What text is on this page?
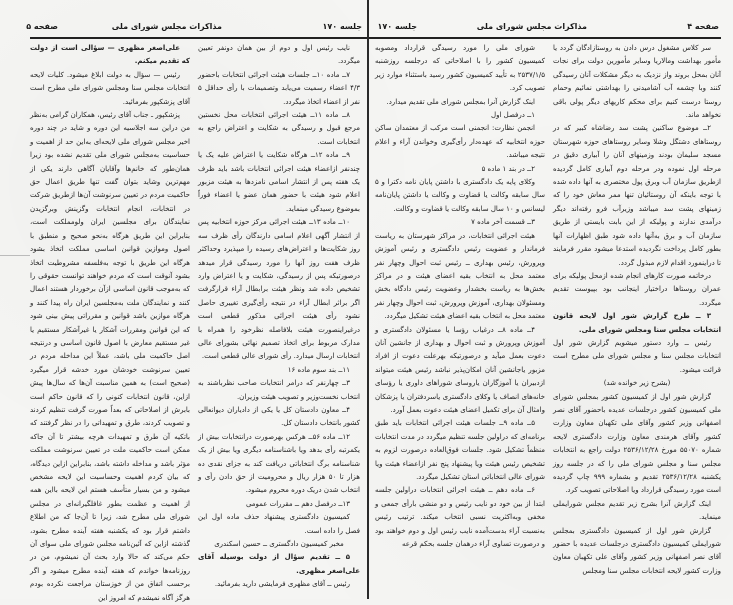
صفحه ۵	مذاکرات مجلس شورای ملی	جلسه ۱۷۰

علی‌اصغر مظهری — سؤالی است از دولت که تقدیم میکنم.

رئیس — سؤال به دولت ابلاغ میشود. کلیات لایحه انتخابات مجلس سنا ومجلس شورای ملی مطرح است آقای پزشکپور بفرمائید.

پزشکپور ـ جناب آقای رئیس، همکاران گرامی به‌نظر من دراین سه اجلاسیه این دوره و شاید در چند دوره اخیر مجلس شورای ملی لایحه‌ای به‌این حد از اهمیت و حساسیت به‌مجلس شورای ملی تقدیم نشده بود زیرا همان‌طور که خانم‌ها وآقایان آگاهی دارند یکی از مهم‌ترین وشاید بتوان گفت تنها طریق اعمال حق حاکمیت مردم در تعیین سرنوشت آن‌ها ازطریق شرکت در انتخابات، انجام انتخابات وگزینش وبرگزیدن نمایندگان برای مجلسین ایران ولومملکت است، بنابراین این طریق هرگاه به‌نحو صحیح و منطبق با اصول وموازین قوانین اساسی مملکت اتخاذ بشود هرگاه این طریق با توجه به‌فلسفه مشروطیت اتخاذ بشود آنوقت است که مردم خواهند توانست حقوقی را که به‌موجب قانون اساسی ازآن برخوردار هستند اعمال کنند و نمایندگان ملت به‌مجلسین ایران راه پیدا کنند و هرگاه موازین باشد قوانین و مقرراتی پیش بینی شود که این قوانین ومقررات آشکار یا غیرآشکار مستقیم یا غیر مستقیم معارض با اصول قانون اساسی و درنتیجه اصل حاکمیت ملی باشد، عملاً این مداخله مردم در تعیین سرنوشت خودشان مورد خدشه قرار میگیرد (صحیح است) به همین مناسبت آن‌ها که سال‌ها پیش ازاین، قانون انتخابات کنونی را که قانون حاکم است بابرش از اصلاحاتی که بعداً صورت گرفت تنظیم کردند و تصویب کردند، طرق و تمهیداتی را در نظر گرفتند که باتکیه آن طرق و تمهیدات هرچه بیشتر تا آن جاکه ممکن است حاکمیت ملت در تعیین سرنوشت مملکت مؤثر باشد و مداخله داشته باشد، بنابراین ازاین دیدگاه، که بیان کردم اهمیت وحساسیت این لایحه مشخص میشود و من بسیار متأسف هستم این لایحه بااین همه از اهمیت و عظمت بطور غافلگیرانه‌ای در مجلس شورای ملی مطرح شد، زیرا تا آن‌جا که من اطلاع داشتم قرار بود که یکشنبه هفته آینده مطرح بشود، گذشته ازاین که آئین‌نامه مجلس شورای ملی سوای آن حکم می‌کند که حالا وارد بحث آن نمیشوم، من در روزنامه‌ها خواندم که هفته آینده مطرح میشود و اگر برحسب اتفاق من از خوزستان مراجعت نکرده بودم هرگز آگاه نمیشدم که امروز این

نایب رئیس اول و دوم از بین همان دونفر تعیین میگردد.

۷ــ ماده ۱۰ــ جلسات هیئت اجرائی انتخابات باحضور ۴/۳ اعضاء رسمیت می‌یابد وتصمیمات با رأی حداقل ۵ نفر از اعضاء اتخاذ میگردد.

۸ــ ماده ۱۱ــ هیئت اجرائی انتخابات محل نخستین مرجع قبول و رسیدگی به شکایت و اعتراض راجع به انتخابات است.

۹ــ ماده ۱۲ــ هرگاه شکایت یا اعتراض علیه یک یا چندنفر ازاعضاء هیئت اجرائی انتخابات باشد باید ظرف یک هفته پس از انتشار اسامی نامزدها به هیئت مزبور اعلام شود هیئت با حضور همان عضو یا اعضاء فوراً بموضوع رسیدگی مینماید.

۱۰ــ ماده ۱۳ــ هیئت اجرائی مرکز حوزه انتخابیه پس از انتشار آگهی اعلام اسامی دارندگان رأی ظرف سه روز شکایت‌ها و اعتراض‌های رسیده را میپذیرد وحداکثر ظرف هفت روز آنها را مورد رسیدگی قرار میدهد درصورتیکه پس از رسیدگی، شکایت و یا اعتراض وارد تشخیص داده شد ونظر هیئت برابطال آراء قرارگرفت اگر براثر ابطال آراء در نتیجه رأی‌گیری تغییری حاصل نشود رأی هیئت اجرائی مذکور قطعی است درغیراینصورت هیئت بلافاصله نظرخود را همراه با مدارک مربوط برای اتخاذ تصمیم نهائی بشورای عالی انتخابات ارسال میدارد. رأی شورای عالی قطعی است.

۱۱ــ بند سوم ماده ۱۶

۳ــ چهارنفر که درامر انتخابات صاحب نظرباشند به انتخاب نخست‌وزیر و تصویب هیئت وزیران.

۴ــ معاون دادستان کل یا یکی از دادیاران دیوانعالی کشور بانتخاب دادستان کل.

۱۲ــ ماده ۵۶ــ هرکس بهرصورت درانتخابات بیش از یکمرتبه رأی بدهد ویا باشناسنامه دیگری ویا بیش از یک شناسنامه برگ انتخاباتی دریافت کند به جزای نقدی ده هزار تا ۵۰ هزار ریال و محرومیت از حق دادن رأی و انتخاب شدن دریک دوره محروم میشود.

۱۳ــ درفصل دهم ــ مقررات عمومی

کمیسیون دادگستری پیشنهاد حذف ماده اول این فصل را داده است.

مخبر کمیسیون دادگستری ــ حسین اسکندری

۵ ــ تقدیم سؤال از دولت بوسیله آقای علی‌اصغر مظهری.

رئیس ــ آقای مظهری فرمایشی دارید بفرمائید.

جلسه ۱۷۰	مذاکرات مجلس شورای ملی	صفحه ۴

سر کلاس مشغول درس دادن به روستازادگان گردد یا مأمور بهداشت ومالاریا وسایر مأمورین دولت برای نجات آنان بمحل بروند واز نزدیک به دیگر مشکلات آنان رسیدگی کنند وبا چشمه آب آشامیدنی را بهداشتی نمائیم وحمام روستا درست کنیم برای محکم کاریهای دیگر پولی باقی نخواهد ماند.

۲ــ موضوع ساکنین پشت سد رضاشاه کبیر که در روستاهای دشتگل وشلا وسایر روستاهای حوزه شهرستان مسجد سلیمان بودند وزمینهای آنان را آبیاری دقیق در مرحله اول نموده ودر مرحله دوم آبیاری کامل گردیده ازطریق سازمان آب وبرق پول مختصری به آنها داده شده با توجه باینکه آن روستائیان تنها ممر معاش خود را که زمینهای پشت سد میباشد وزیرآب فرو رفته‌اند دیگر درآمدی ندارند و پولیکه از این بابت بایستی از طریق سازمان آب و برق به‌آنها داده شود طبق اظهارات آنها بطور کامل پرداخت نگردیده استدعا میشود مقرر فرمایند تا دراینمورد اقدام لازم مبذول گردد.

درخاتمه صورت کارهای انجام شده ازمحل پولیکه برای عمران روستاها دراختیار اینجانب بود بپیوست تقدیم میگردد.

۳ ــ طرح گزارش شور اول لایحه قانون انتخابات مجلس سنا ومجلس شورای ملی.

رئیس ــ وارد دستور میشویم گزارش شور اول انتخابات مجلس سنا و مجلس شورای ملی مطرح است قرائت میشود.

(بشرح زیر خوانده شد)

گزارش شور اول از کمیسیون کشور بمجلس شورای ملی کمیسیون کشور درجلسات عدیده باحضور آقای نصر اصفهانی وزیر کشور وآقای ملی تکهبان معاون وزارت کشور وآقای هرمندی معاون وزارت دادگستری لایحه شماره ۵۵۰۷۰ مورخ ۲۵۳۶/۱۲/۲۸ دولت راجع به انتخابات مجلس سنا و مجلس شورای ملی را که در جلسه روز یکشنبه ۲۵۳۶/۱۲/۲۸ تقدیم و بشماره ۹۹۹ چاپ گردیده است مورد رسیدگی قرارداد ویا اصلاحاتی تصویب کرد.

اینک گزارش آنرا بشرح زیر تقدیم مجلس شورایملی مینماید.

گزارش شور اول از کمیسیون دادگستری بمجلس شورایملی کمیسیون دادگستری درجلسات عدیده با حضور آقای نصر اصفهانی وزیر کشور وآقای علی تکهبان معاون وزارت کشور لایحه انتخابات مجلس سنا ومجلس

شورای ملی را مورد رسیدگی قرارداد ومصوبه کمیسیون کشور را با اصلاحاتی که درجلسه روزشنبه ۲۵۳۷/۱/۵ به تأیید کمیسیون کشور رسید باستثناء موارد زیر تصویب کرد.

اینک گزارش آنرا بمجلس شورای ملی تقدیم میدارد.

۱ــ درفصل اول

انجمن نظارت: انجمنی است مرکب از معتمدان ساکن حوزه انتخابیه که عهده‌دار رأی‌گیری وخواندن آراء و اعلام نتیجه میباشد.

۲ــ در بند ۱ ماده ۵

وکلای پایه یک دادگستری با داشتن پایان نامه دکترا و ۵ سال سابقه وکالت یا قضاوت و وکالت یا داشتن پایان‌نامه لیسانس و ۱۰ سال سابقه وکالت یا قضاوت و وکالت.

۳ــ قسمت آخر ماده ۷

هیئت اجرائی انتخابات، در مراکز شهرستان به ریاست فرماندار و عضویت رئیس دادگستری و رئیس آموزش وپرورش، رئیس بهداری ــ رئیس ثبت احوال وچهار نفر معتمد محل به انتخاب بقیه اعضای هیئت و در مراکز بخش‌ها به ریاست بخشدار وعضویت رئیس دادگاه بخش ومسئولان بهداری، آموزش وپرورش، ثبت احوال وچهار نفر معتمد محل به انتخاب بقیه اعضای هیئت تشکیل میگردد.

۴ــ ماده ۸ــ درغیاب رؤسا یا مسئولان دادگستری و آموزش وپرورش و ثبت احوال و بهداری از جانشین آنان دعوت بعمل میآید و درصورتیکه بهرعلت دعوت از افراد مزبور یاجانشین آنان امکان‌پذیر نباشد رئیس هیئت میتواند ازدبیران یا آموزگاران یاروسای شوراهای داوری یا رؤسای خانه‌های انصاف یا وکلای دادگستری یاسردفتران یا پزشکان وامثال آن برای تکمیل اعضای هیئت دعوت بعمل آورد.

۵ــ ماده ۹ــ جلسات هیئت اجرائی انتخابات باید طبق برنامه‌ای که دراولین جلسه تنظیم میگردد در مدت انتخابات منظماً تشکیل شود. جلسات فوق‌العاده درصورت لزوم به تشخیص رئیس هیئت ویا پیشنهاد پنج نفر ازاعضاء هیئت ویا شورای عالی انتخاباتی استان تشکیل میگردد.

۶ــ ماده دهم ــ هیئت اجرائی انتخابات دراولین جلسه ابتدا از بین خود دو نایب رئیس و دو منشی بارأی جمعی و مخفی وبه‌اکثریت نسبی انتخاب میکند. ترتیب رئیس به‌نسبت آراء بدست‌آمده نایب رئیس اول و دوم خواهند بود و درصورت تساوی آراء درهمان جلسه بحکم قرعه
